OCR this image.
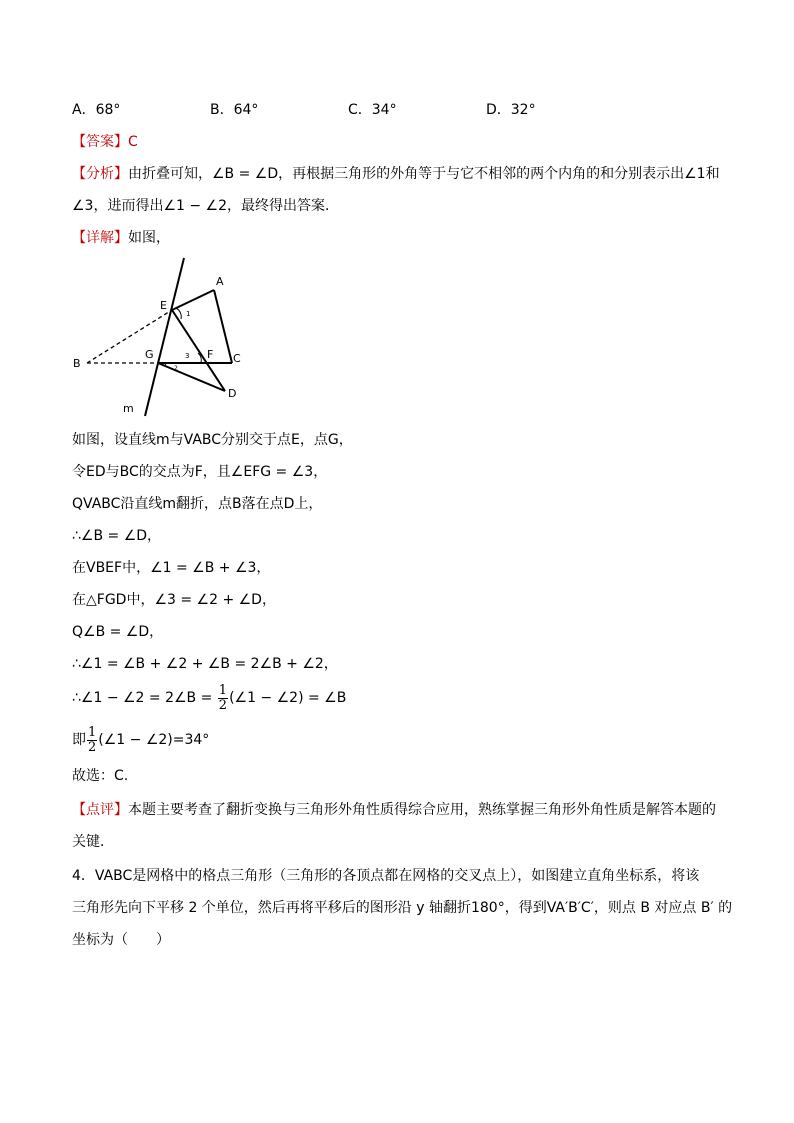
A．68°	B．64°	C．34°	D．32°
【答案】C
【分析】由折叠可知，∠B = ∠D，再根据三角形的外角等于与它不相邻的两个内角的和分别表示出∠1和
∠3，进而得出∠1 − ∠2，最终得出答案．
【详解】如图，
A
B	C
D
E
F
G
m
1
3
2
如图，设直线m与VABC分别交于点E，点G，
令ED与BC的交点为F，且∠EFG = ∠3，
QVABC沿直线m翻折，点B落在点D上，
∴∠B = ∠D，
在VBEF中，∠1 = ∠B + ∠3，
在△FGD中，∠3 = ∠2 + ∠D，
Q∠B = ∠D，
∴∠1 = ∠B + ∠2 + ∠B = 2∠B + ∠2，
∴∠1 − ∠2 = 2∠B = $\frac{1}{2}$ (∠1 − ∠2) = ∠B
即 $\frac{1}{2}$ (∠1 − ∠2)=34°
故选：C.
【点评】本题主要考查了翻折变换与三角形外角性质得综合应用，熟练掌握三角形外角性质是解答本题的
关键．
4．VABC是网格中的格点三角形（三角形的各顶点都在网格的交叉点上），如图建立直角坐标系，将该
三角形先向下平移 2 个单位，然后再将平移后的图形沿 y 轴翻折180°，得到VA′B′C′，则点 B 对应点 B′ 的
坐标为（　　）
